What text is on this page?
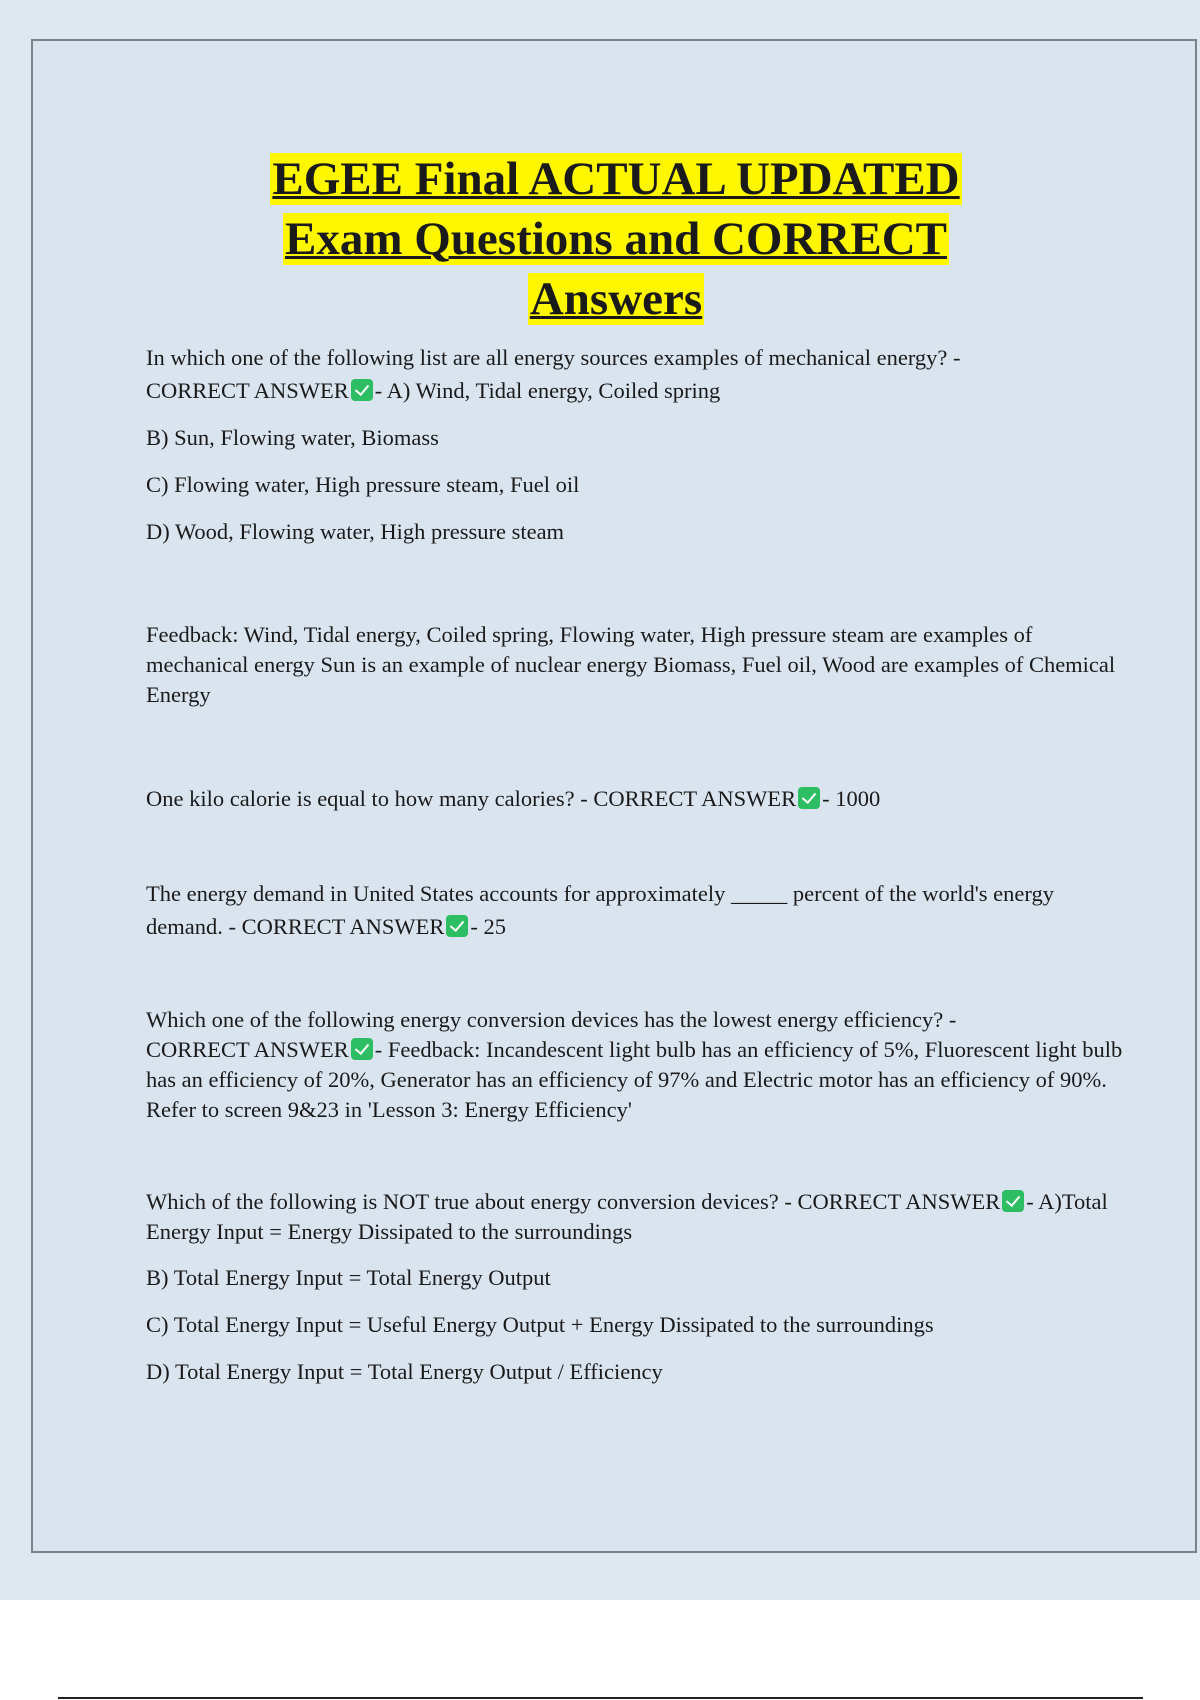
EGEE Final ACTUAL UPDATED
Exam Questions and CORRECT
Answers

In which one of the following list are all energy sources examples of mechanical energy? -
CORRECT ANSWER - A) Wind, Tidal energy, Coiled spring

B) Sun, Flowing water, Biomass

C) Flowing water, High pressure steam, Fuel oil

D) Wood, Flowing water, High pressure steam

Feedback: Wind, Tidal energy, Coiled spring, Flowing water, High pressure steam are examples of mechanical energy Sun is an example of nuclear energy Biomass, Fuel oil, Wood are examples of Chemical Energy

One kilo calorie is equal to how many calories? - CORRECT ANSWER - 1000

The energy demand in United States accounts for approximately _____ percent of the world's energy demand. - CORRECT ANSWER - 25

Which one of the following energy conversion devices has the lowest energy efficiency? -
CORRECT ANSWER - Feedback: Incandescent light bulb has an efficiency of 5%, Fluorescent light bulb has an efficiency of 20%, Generator has an efficiency of 97% and Electric motor has an efficiency of 90%. Refer to screen 9&23 in 'Lesson 3: Energy Efficiency'

Which of the following is NOT true about energy conversion devices? - CORRECT ANSWER - A)Total Energy Input = Energy Dissipated to the surroundings

B) Total Energy Input = Total Energy Output

C) Total Energy Input = Useful Energy Output + Energy Dissipated to the surroundings

D) Total Energy Input = Total Energy Output / Efficiency
